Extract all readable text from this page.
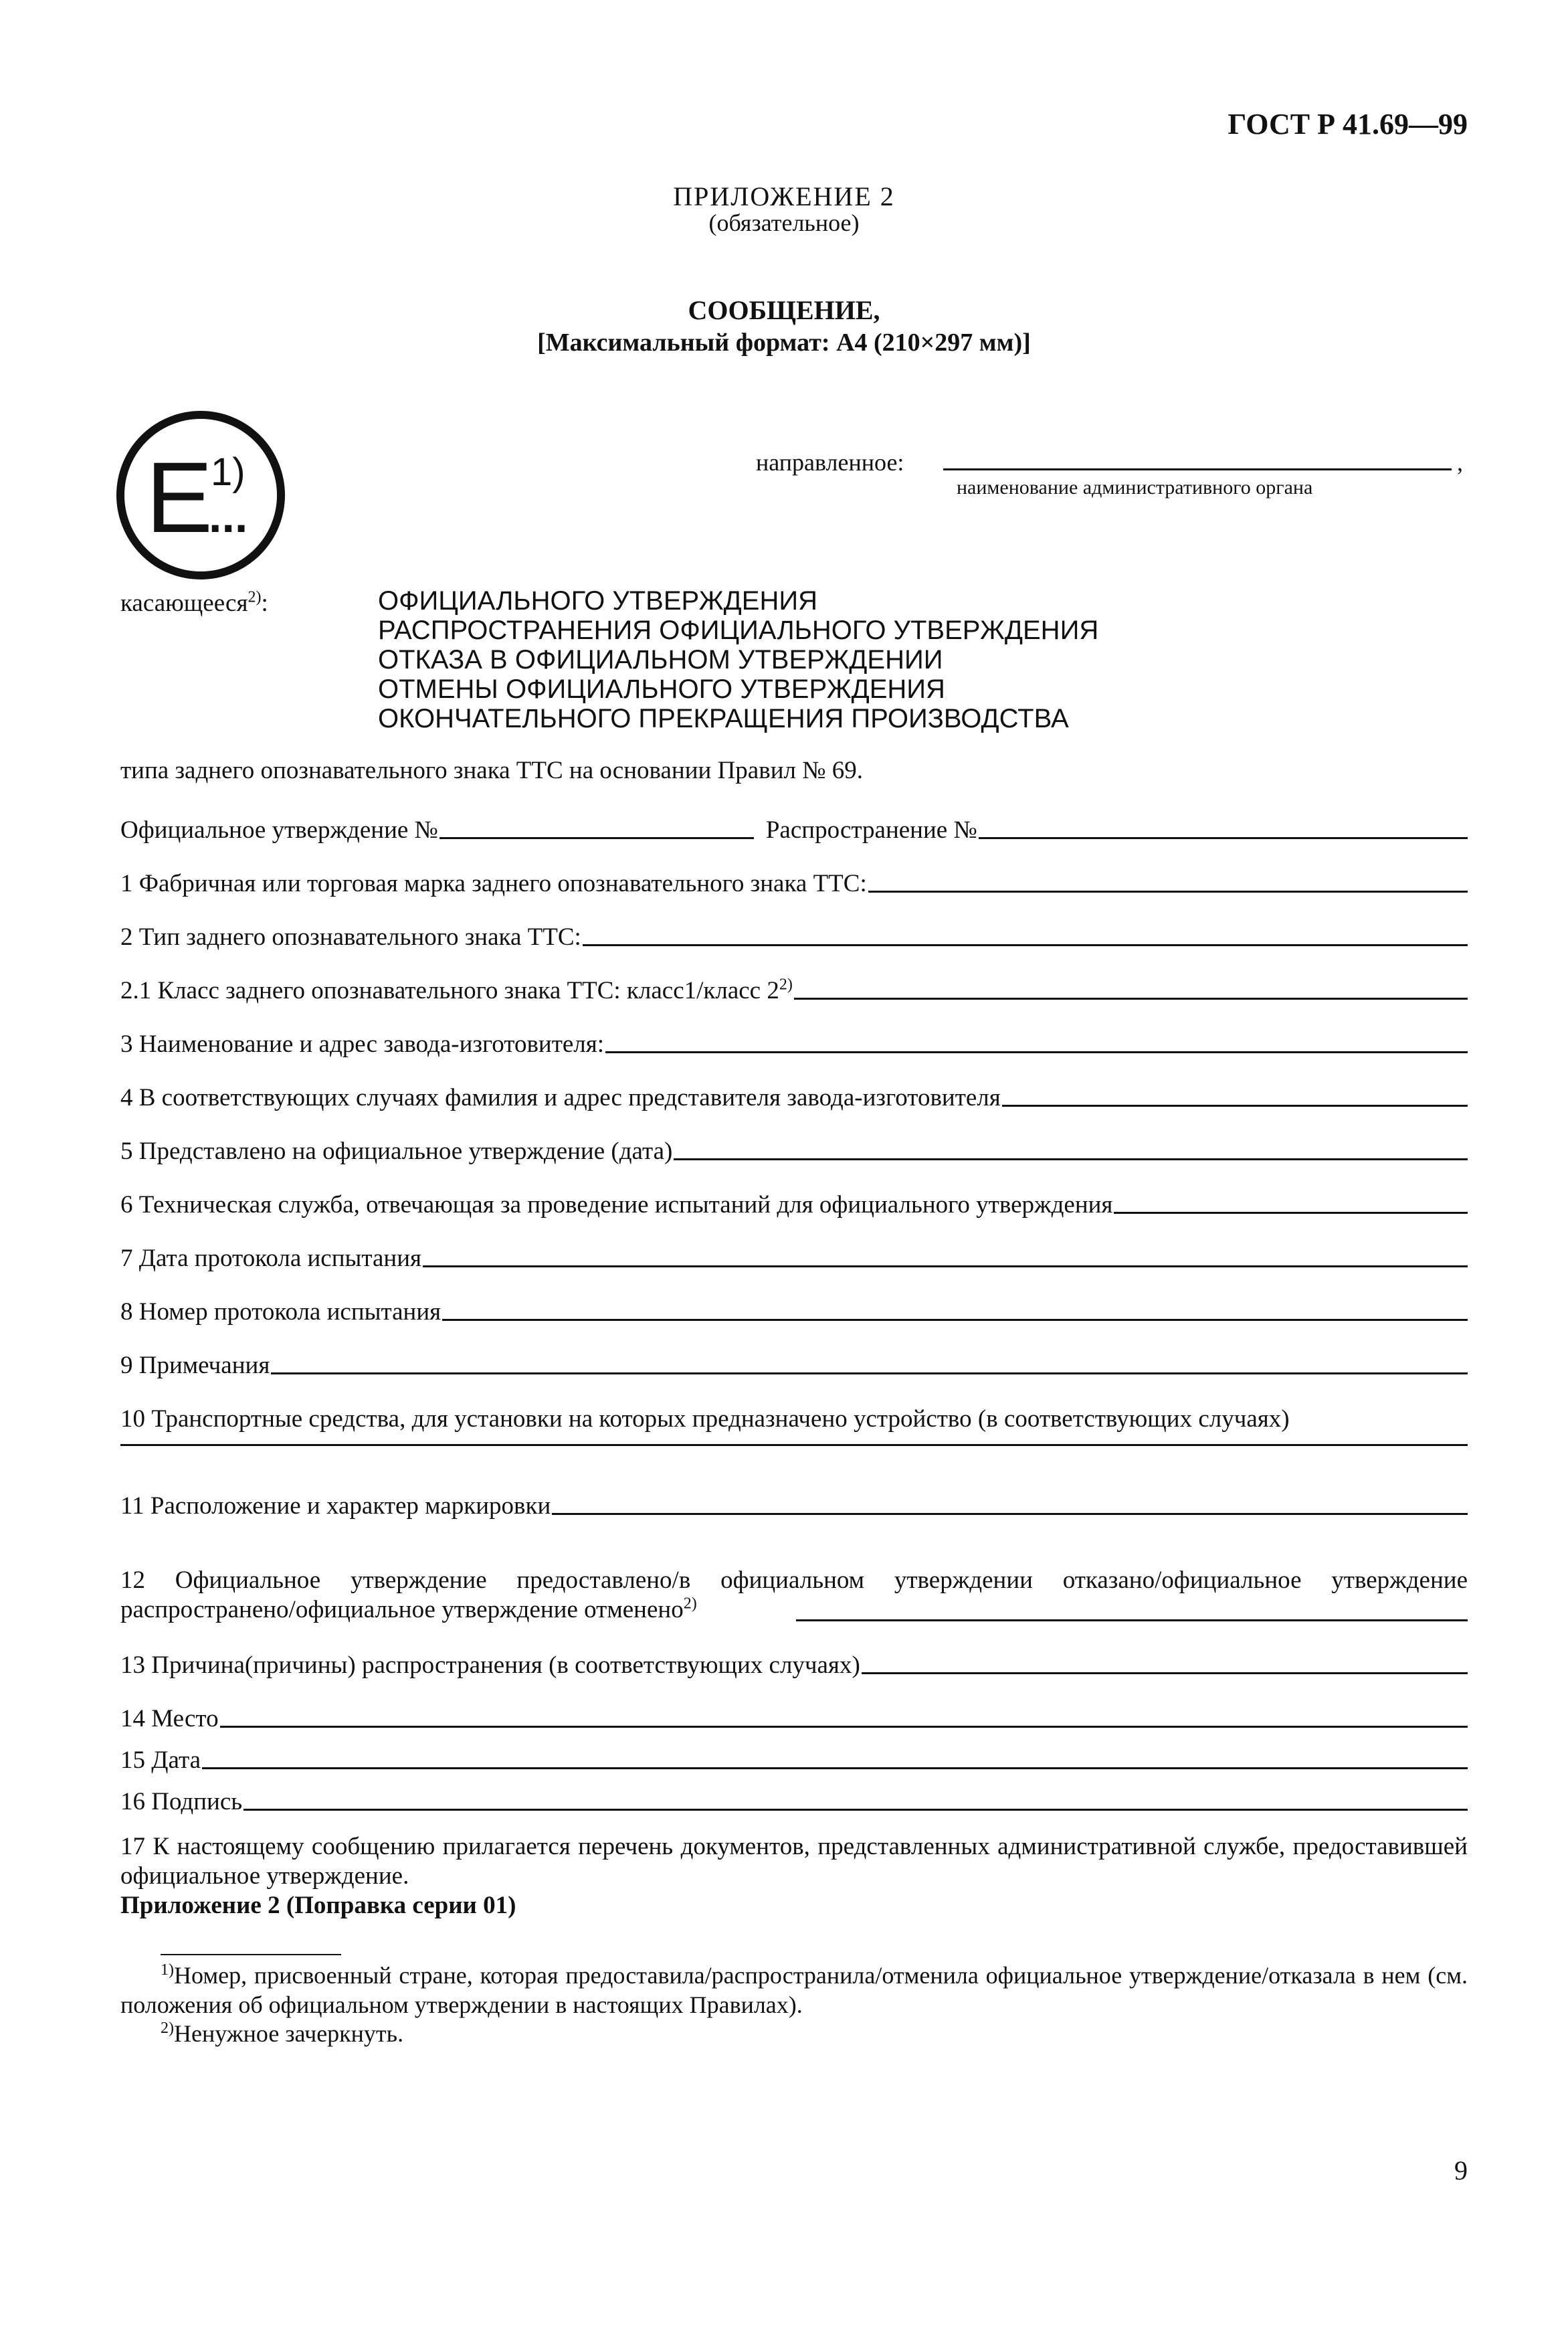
ГОСТ Р 41.69—99
ПРИЛОЖЕНИЕ 2
(обязательное)
СООБЩЕНИЕ,
[Максимальный формат: А4 (210×297 мм)]
E
1)
...
направленное:	,
наименование административного органа
касающееся$^{2)}$:	ОФИЦИАЛЬНОГО УТВЕРЖДЕНИЯ
РАСПРОСТРАНЕНИЯ ОФИЦИАЛЬНОГО УТВЕРЖДЕНИЯ
ОТКАЗА В ОФИЦИАЛЬНОМ УТВЕРЖДЕНИИ
ОТМЕНЫ ОФИЦИАЛЬНОГО УТВЕРЖДЕНИЯ
ОКОНЧАТЕЛЬНОГО ПРЕКРАЩЕНИЯ ПРОИЗВОДСТВА
типа заднего опознавательного знака ТТС на основании Правил № 69.
Официальное утверждение №	Распространение №
1 Фабричная или торговая марка заднего опознавательного знака ТТС:
2 Тип заднего опознавательного знака ТТС:
2.1 Класс заднего опознавательного знака ТТС: класс1/класс 2$^{2)}$
3 Наименование и адрес завода-изготовителя:
4 В соответствующих случаях фамилия и адрес представителя завода-изготовителя
5 Представлено на официальное утверждение (дата)
6 Техническая служба, отвечающая за проведение испытаний для официального утверждения
7 Дата протокола испытания
8 Номер протокола испытания
9 Примечания
10 Транспортные средства, для установки на которых предназначено устройство (в соответствующих случаях)
11 Расположение и характер маркировки
12 Официальное утверждение предоставлено/в официальном утверждении отказано/официальное утверждение распространено/официальное утверждение отменено$^{2)}$
13 Причина(причины) распространения (в соответствующих случаях)
14 Место
15 Дата
16 Подпись
17 К настоящему сообщению прилагается перечень документов, представленных административной службе, предоставившей официальное утверждение.
Приложение 2 (Поправка серии 01)
$^{1)}$Номер, присвоенный стране, которая предоставила/распространила/отменила официальное утверждение/отказала в нем (см. положения об официальном утверждении в настоящих Правилах).
$^{2)}$Ненужное зачеркнуть.
9
